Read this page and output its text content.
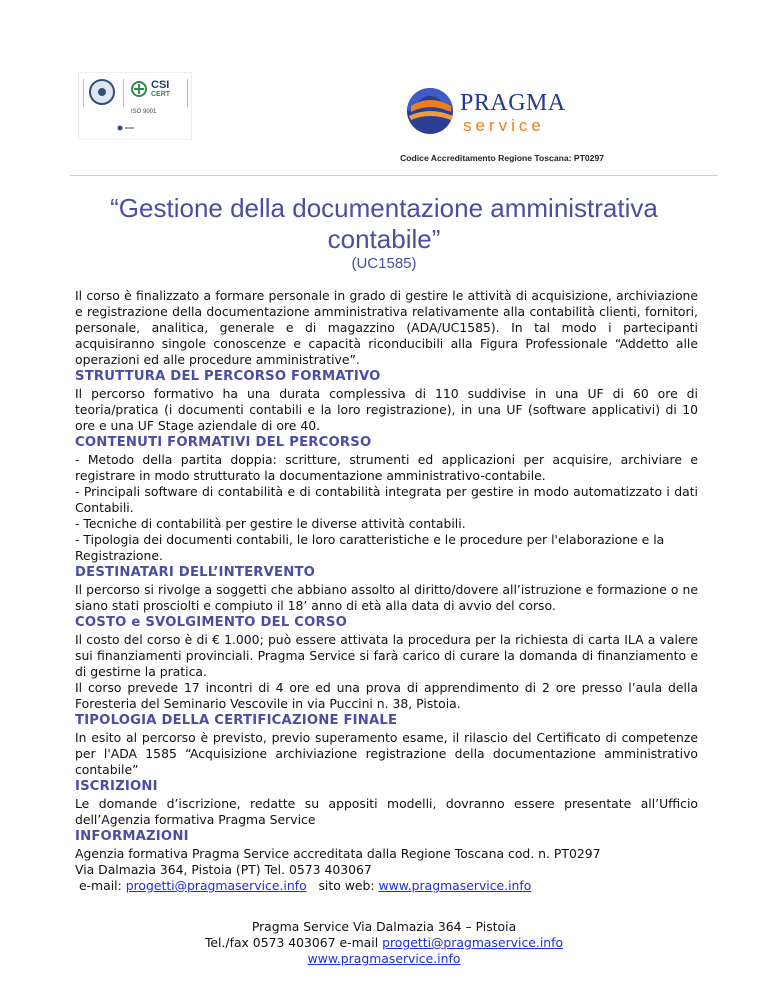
CSI
CERT
ISO 9001	PRAGMA
service
Codice Accreditamento Regione Toscana: PT0297
“Gestione della documentazione amministrativa
contabile”
(UC1585)

Il corso è finalizzato a formare personale in grado di gestire le attività di acquisizione, archiviazione e registrazione della documentazione amministrativa relativamente alla contabilità clienti, fornitori, personale, analitica, generale e di magazzino (ADA/UC1585). In tal modo i partecipanti acquisiranno singole conoscenze e capacità riconducibili alla Figura Professionale “Addetto alle operazioni ed alle procedure amministrative”.

STRUTTURA DEL PERCORSO FORMATIVO

Il percorso formativo ha una durata complessiva di 110 suddivise in una UF di 60 ore di teoria/pratica (i documenti contabili e la loro registrazione), in una UF (software applicativi) di 10 ore e una UF Stage aziendale di ore 40.

CONTENUTI FORMATIVI DEL PERCORSO

- Metodo della partita doppia: scritture, strumenti ed applicazioni per acquisire, archiviare e registrare in modo strutturato la documentazione amministrativo-contabile.

- Principali software di contabilità e di contabilità integrata per gestire in modo automatizzato i dati Contabili.

- Tecniche di contabilità per gestire le diverse attività contabili.

- Tipologia dei documenti contabili, le loro caratteristiche e le procedure per l'elaborazione e la Registrazione.

DESTINATARI DELL’INTERVENTO

Il percorso si rivolge a soggetti che abbiano assolto al diritto/dovere all’istruzione e formazione o ne siano stati prosciolti e compiuto il 18’ anno di età alla data di avvio del corso.

COSTO e SVOLGIMENTO DEL CORSO

Il costo del corso è di € 1.000; può essere attivata la procedura per la richiesta di carta ILA a valere sui finanziamenti provinciali. Pragma Service si farà carico di curare la domanda di finanziamento e di gestirne la pratica.

Il corso prevede 17 incontri di 4 ore ed una prova di apprendimento di 2 ore presso l’aula della Foresteria del Seminario Vescovile in via Puccini n. 38, Pistoia.

TIPOLOGIA DELLA CERTIFICAZIONE FINALE

In esito al percorso è previsto, previo superamento esame, il rilascio del Certificato di competenze per l'ADA 1585 “Acquisizione archiviazione registrazione della documentazione amministrativo contabile”

ISCRIZIONI

Le domande d’iscrizione, redatte su appositi modelli, dovranno essere presentate all’Ufficio dell’Agenzia formativa Pragma Service

INFORMAZIONI

Agenzia formativa Pragma Service accreditata dalla Regione Toscana cod. n. PT0297

Via Dalmazia 364, Pistoia (PT) Tel. 0573 403067

e-mail: progetti@pragmaservice.info   sito web: www.pragmaservice.info

Pragma Service Via Dalmazia 364 – Pistoia
Tel./fax 0573 403067 e-mail progetti@pragmaservice.info
www.pragmaservice.info
